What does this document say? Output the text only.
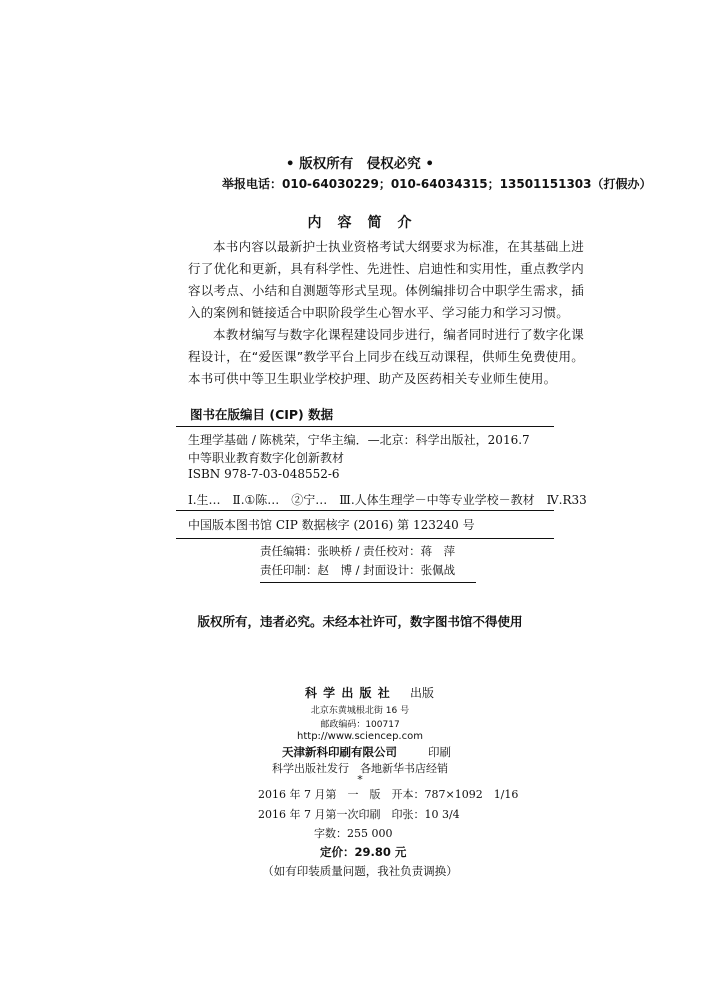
• 版权所有　侵权必究 •
举报电话：010-64030229；010-64034315；13501151303（打假办）
内　容　简　介

本书内容以最新护士执业资格考试大纲要求为标准，在其基础上进行了优化和更新，具有科学性、先进性、启迪性和实用性，重点教学内容以考点、小结和自测题等形式呈现。体例编排切合中职学生需求，插入的案例和链接适合中职阶段学生心智水平、学习能力和学习习惯。

本教材编写与数字化课程建设同步进行，编者同时进行了数字化课程设计，在“爱医课”教学平台上同步在线互动课程，供师生免费使用。本书可供中等卫生职业学校护理、助产及医药相关专业师生使用。

图书在版编目 (CIP) 数据
生理学基础 / 陈桃荣，宁华主编．—北京：科学出版社，2016.7
中等职业教育数字化创新教材
ISBN 978-7-03-048552-6
Ⅰ.生…　Ⅱ.①陈…　②宁…　Ⅲ.人体生理学－中等专业学校－教材　Ⅳ.R33
中国版本图书馆 CIP 数据核字 (2016) 第 123240 号
责任编辑：张映桥 / 责任校对：蒋　萍
责任印制：赵　博 / 封面设计：张佩战
版权所有，违者必究。未经本社许可，数字图书馆不得使用
科 学 出 版 社 出版
北京东黄城根北街 16 号
邮政编码：100717
http://www.sciencep.com
天津新科印刷有限公司	印刷
科学出版社发行　各地新华书店经销
*
2016 年 7 月第　一　版　开本：787×1092　1/16
2016 年 7 月第一次印刷　印张：10 3/4
字数：255 000
定价：29.80 元
（如有印装质量问题，我社负责调换）
